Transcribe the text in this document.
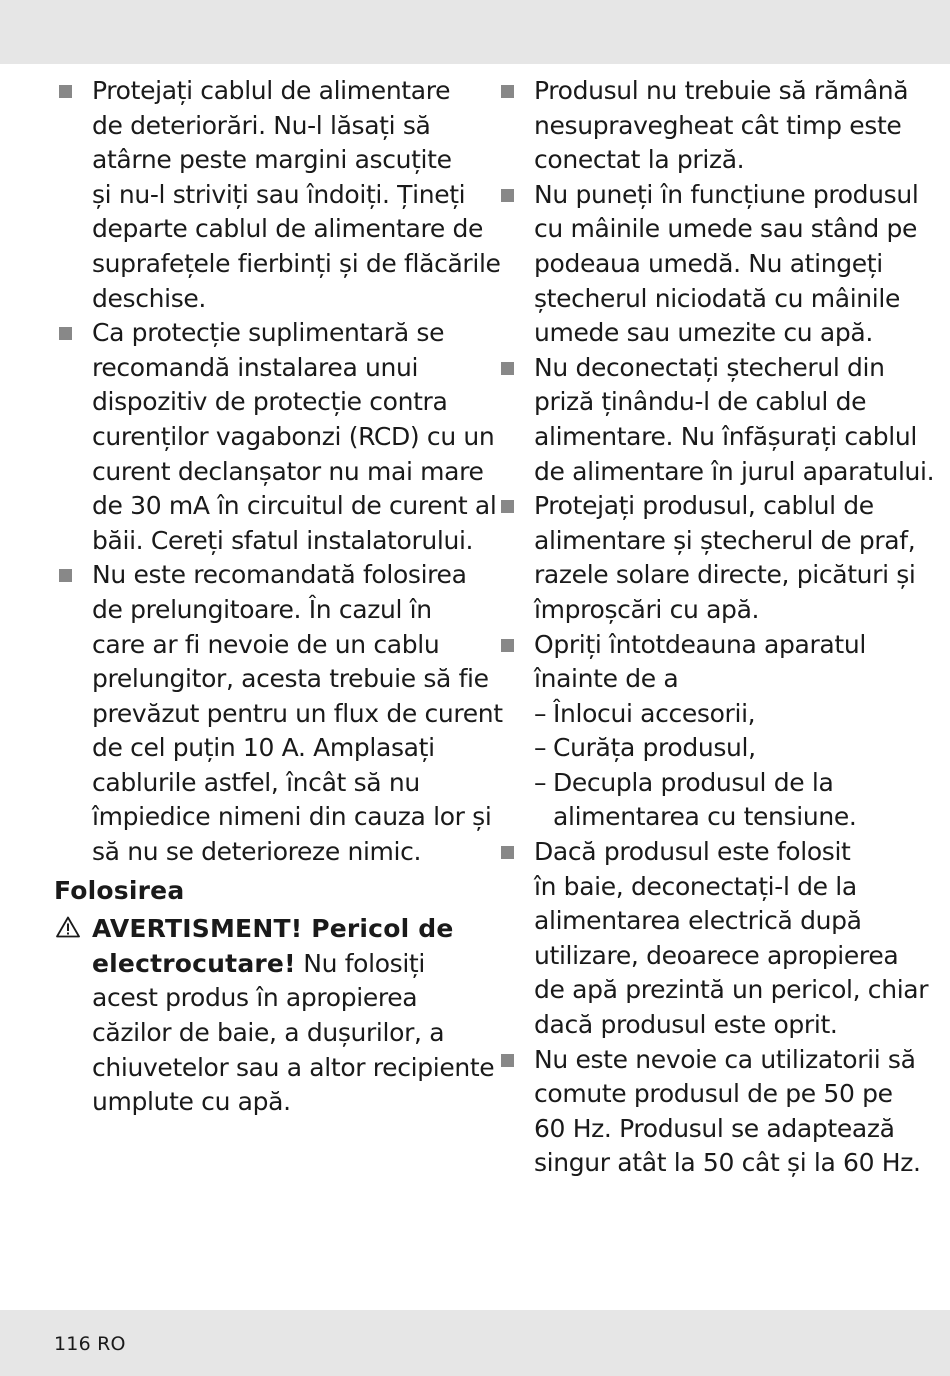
Protejați cablul de alimentare
de deteriorări. Nu-l lăsați să
atârne peste margini ascuțite
și nu-l striviți sau îndoiți. Țineți
departe cablul de alimentare de
suprafețele fierbinți și de flăcările
deschise.
Ca protecție suplimentară se
recomandă instalarea unui
dispozitiv de protecție contra
curenților vagabonzi (RCD) cu un
curent declanșator nu mai mare
de 30 mA în circuitul de curent al
băii. Cereți sfatul instalatorului.
Nu este recomandată folosirea
de prelungitoare. În cazul în
care ar fi nevoie de un cablu
prelungitor, acesta trebuie să fie
prevăzut pentru un flux de curent
de cel puțin 10 A. Amplasați
cablurile astfel, încât să nu
împiedice nimeni din cauza lor și
să nu se deterioreze nimic.
Folosirea
AVERTISMENT! Pericol de
electrocutare! Nu folosiți
acest produs în apropierea
căzilor de baie, a dușurilor, a
chiuvetelor sau a altor recipiente
umplute cu apă.
Produsul nu trebuie să rămână
nesupravegheat cât timp este
conectat la priză.
Nu puneți în funcțiune produsul
cu mâinile umede sau stând pe
podeaua umedă. Nu atingeți
ștecherul niciodată cu mâinile
umede sau umezite cu apă.
Nu deconectați ștecherul din
priză ținându-l de cablul de
alimentare. Nu înfășurați cablul
de alimentare în jurul aparatului.
Protejați produsul, cablul de
alimentare și ștecherul de praf,
razele solare directe, picături și
împroșcări cu apă.
Opriți întotdeauna aparatul
înainte de a
– Înlocui accesorii,
– Curăța produsul,
– Decupla produsul de la
alimentarea cu tensiune.
Dacă produsul este folosit
în baie, deconectați-l de la
alimentarea electrică după
utilizare, deoarece apropierea
de apă prezintă un pericol, chiar
dacă produsul este oprit.
Nu este nevoie ca utilizatorii să
comute produsul de pe 50 pe
60 Hz. Produsul se adaptează
singur atât la 50 cât și la 60 Hz.
116 RO
